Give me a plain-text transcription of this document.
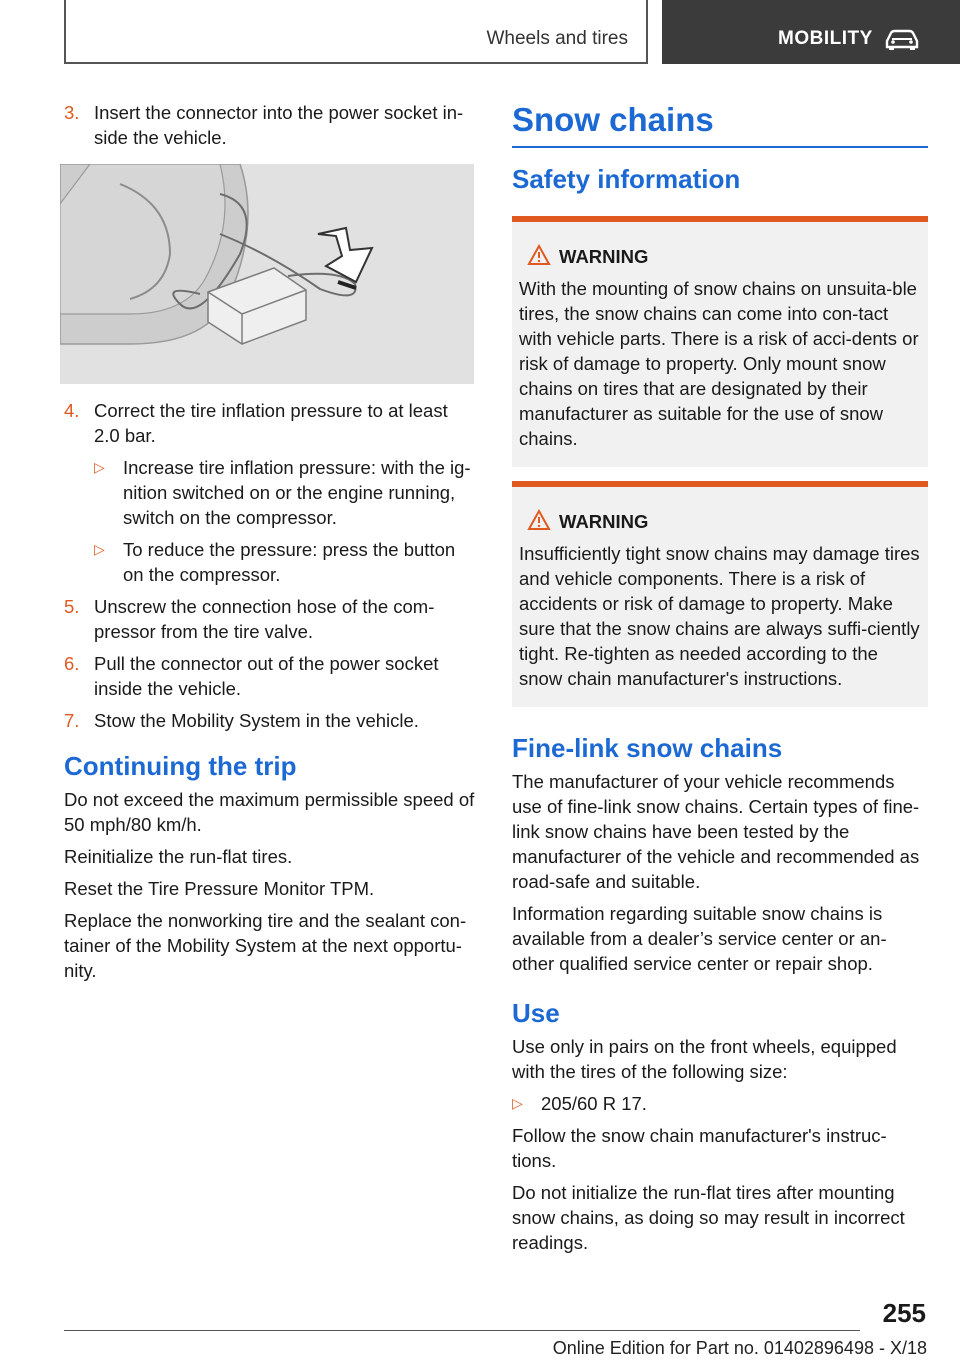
Wheels and tires	MOBILITY
3. Insert the connector into the power socket in-side the vehicle.
4. Correct the tire inflation pressure to at least 2.0 bar.
▷ Increase tire inflation pressure: with the ig-nition switched on or the engine running, switch on the compressor.
▷ To reduce the pressure: press the button on the compressor.
5. Unscrew the connection hose of the com-pressor from the tire valve.
6. Pull the connector out of the power socket inside the vehicle.
7. Stow the Mobility System in the vehicle.
Continuing the trip

Do not exceed the maximum permissible speed of 50 mph/80 km/h.

Reinitialize the run-flat tires.

Reset the Tire Pressure Monitor TPM.

Replace the nonworking tire and the sealant con-tainer of the Mobility System at the next opportu-nity.

Snow chains
Safety information
WARNING
With the mounting of snow chains on unsuita-ble tires, the snow chains can come into con-tact with vehicle parts. There is a risk of acci-dents or risk of damage to property. Only mount snow chains on tires that are designated by their manufacturer as suitable for the use of snow chains.
WARNING
Insufficiently tight snow chains may damage tires and vehicle components. There is a risk of accidents or risk of damage to property. Make sure that the snow chains are always suffi-ciently tight. Re-tighten as needed according to the snow chain manufacturer's instructions.
Fine-link snow chains

The manufacturer of your vehicle recommends use of fine-link snow chains. Certain types of fine-link snow chains have been tested by the manufacturer of the vehicle and recommended as road-safe and suitable.

Information regarding suitable snow chains is available from a dealer’s service center or an-other qualified service center or repair shop.

Use

Use only in pairs on the front wheels, equipped with the tires of the following size:

▷ 205/60 R 17.

Follow the snow chain manufacturer's instruc-tions.

Do not initialize the run-flat tires after mounting snow chains, as doing so may result in incorrect readings.

255
Online Edition for Part no. 01402896498 - X/18
